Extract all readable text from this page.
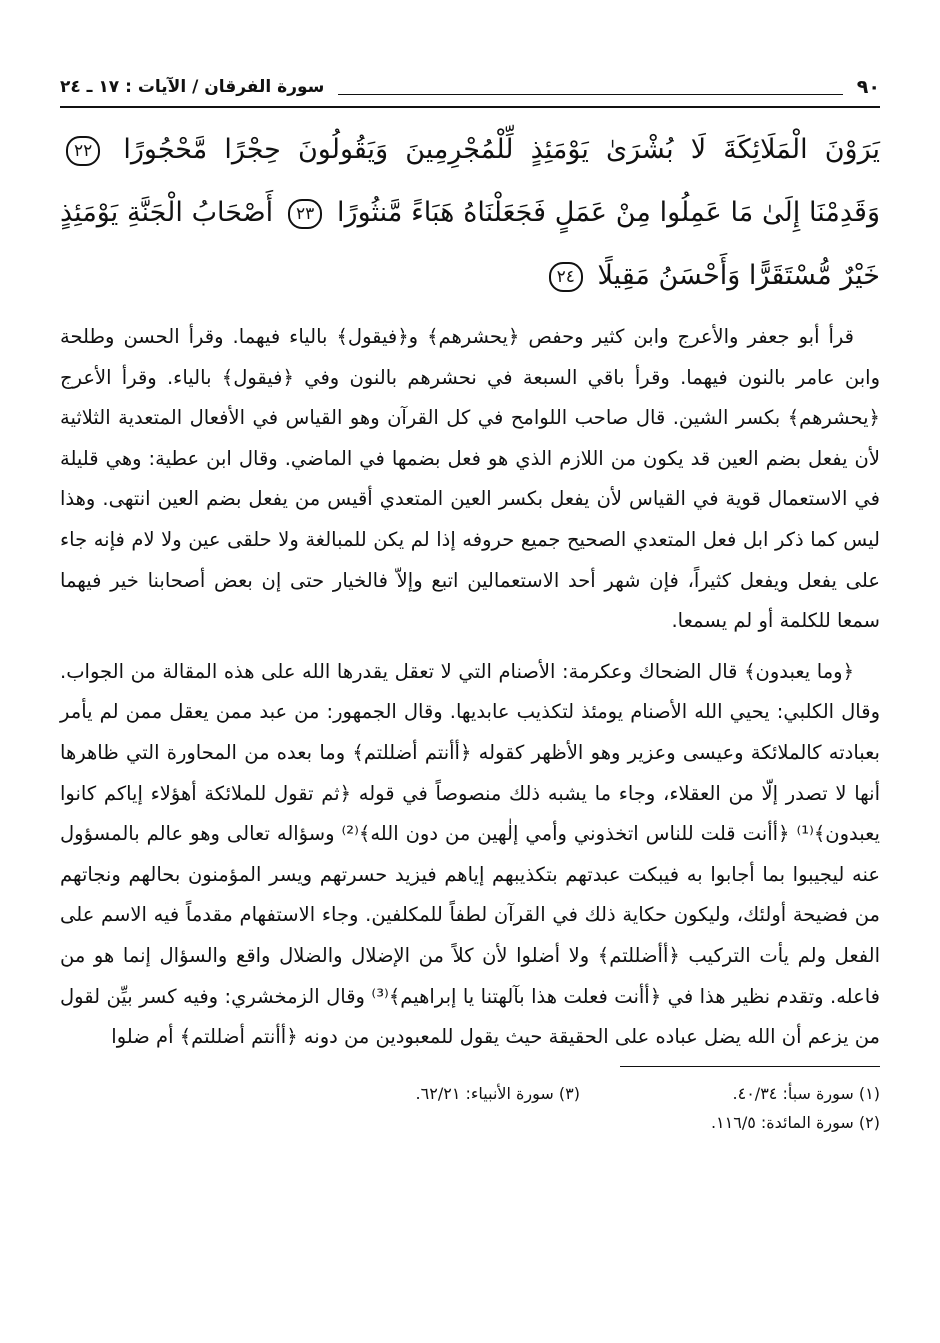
٩٠
سورة الفرقان / الآيات : ١٧ ـ ٢٤
يَرَوْنَ الْمَلَائِكَةَ لَا بُشْرَىٰ يَوْمَئِذٍ لِّلْمُجْرِمِينَ وَيَقُولُونَ حِجْرًا مَّحْجُورًا ٢٢ وَقَدِمْنَا إِلَىٰ مَا عَمِلُوا مِنْ عَمَلٍ فَجَعَلْنَاهُ هَبَاءً مَّنثُورًا ٢٣ أَصْحَابُ الْجَنَّةِ يَوْمَئِذٍ خَيْرٌ مُّسْتَقَرًّا وَأَحْسَنُ مَقِيلًا ٢٤

قرأ أبو جعفر والأعرج وابن كثير وحفص ﴿يحشرهم﴾ و﴿فيقول﴾ بالياء فيهما. وقرأ الحسن وطلحة وابن عامر بالنون فيهما. وقرأ باقي السبعة في نحشرهم بالنون وفي ﴿فيقول﴾ بالياء. وقرأ الأعرج ﴿يحشرهم﴾ بكسر الشين. قال صاحب اللوامح في كل القرآن وهو القياس في الأفعال المتعدية الثلاثية لأن يفعل بضم العين قد يكون من اللازم الذي هو فعل بضمها في الماضي. وقال ابن عطية: وهي قليلة في الاستعمال قوية في القياس لأن يفعل بكسر العين المتعدي أقيس من يفعل بضم العين انتهى. وهذا ليس كما ذكر ابل فعل المتعدي الصحيح جميع حروفه إذا لم يكن للمبالغة ولا حلقى عين ولا لام فإنه جاء على يفعل ويفعل كثيراً، فإن شهر أحد الاستعمالين اتبع وإلاّ فالخيار حتى إن بعض أصحابنا خير فيهما سمعا للكلمة أو لم يسمعا.

﴿وما يعبدون﴾ قال الضحاك وعكرمة: الأصنام التي لا تعقل يقدرها الله على هذه المقالة من الجواب. وقال الكلبي: يحيي الله الأصنام يومئذ لتكذيب عابديها. وقال الجمهور: من عبد ممن يعقل ممن لم يأمر بعبادته كالملائكة وعيسى وعزير وهو الأظهر كقوله ﴿أأنتم أضللتم﴾ وما بعده من المحاورة التي ظاهرها أنها لا تصدر إلّا من العقلاء، وجاء ما يشبه ذلك منصوصاً في قوله ﴿ثم تقول للملائكة أهؤلاء إياكم كانوا يعبدون﴾⁽¹⁾ ﴿أأنت قلت للناس اتخذوني وأمي إلٰهين من دون الله﴾⁽²⁾ وسؤاله تعالى وهو عالم بالمسؤول عنه ليجيبوا بما أجابوا به فيبكت عبدتهم بتكذيبهم إياهم فيزيد حسرتهم ويسر المؤمنون بحالهم ونجاتهم من فضيحة أولئك، وليكون حكاية ذلك في القرآن لطفاً للمكلفين. وجاء الاستفهام مقدماً فيه الاسم على الفعل ولم يأت التركيب ﴿أأضللتم﴾ ولا أضلوا لأن كلاً من الإضلال والضلال واقع والسؤال إنما هو من فاعله. وتقدم نظير هذا في ﴿أأنت فعلت هذا بآلهتنا يا إبراهيم﴾⁽³⁾ وقال الزمخشري: وفيه كسر بيِّن لقول من يزعم أن الله يضل عباده على الحقيقة حيث يقول للمعبودين من دونه ﴿أأنتم أضللتم﴾ أم ضلوا

(١) سورة سبأ: ٤٠/٣٤.
(٣) سورة الأنبياء: ٦٢/٢١.
(٢) سورة المائدة: ١١٦/٥.
